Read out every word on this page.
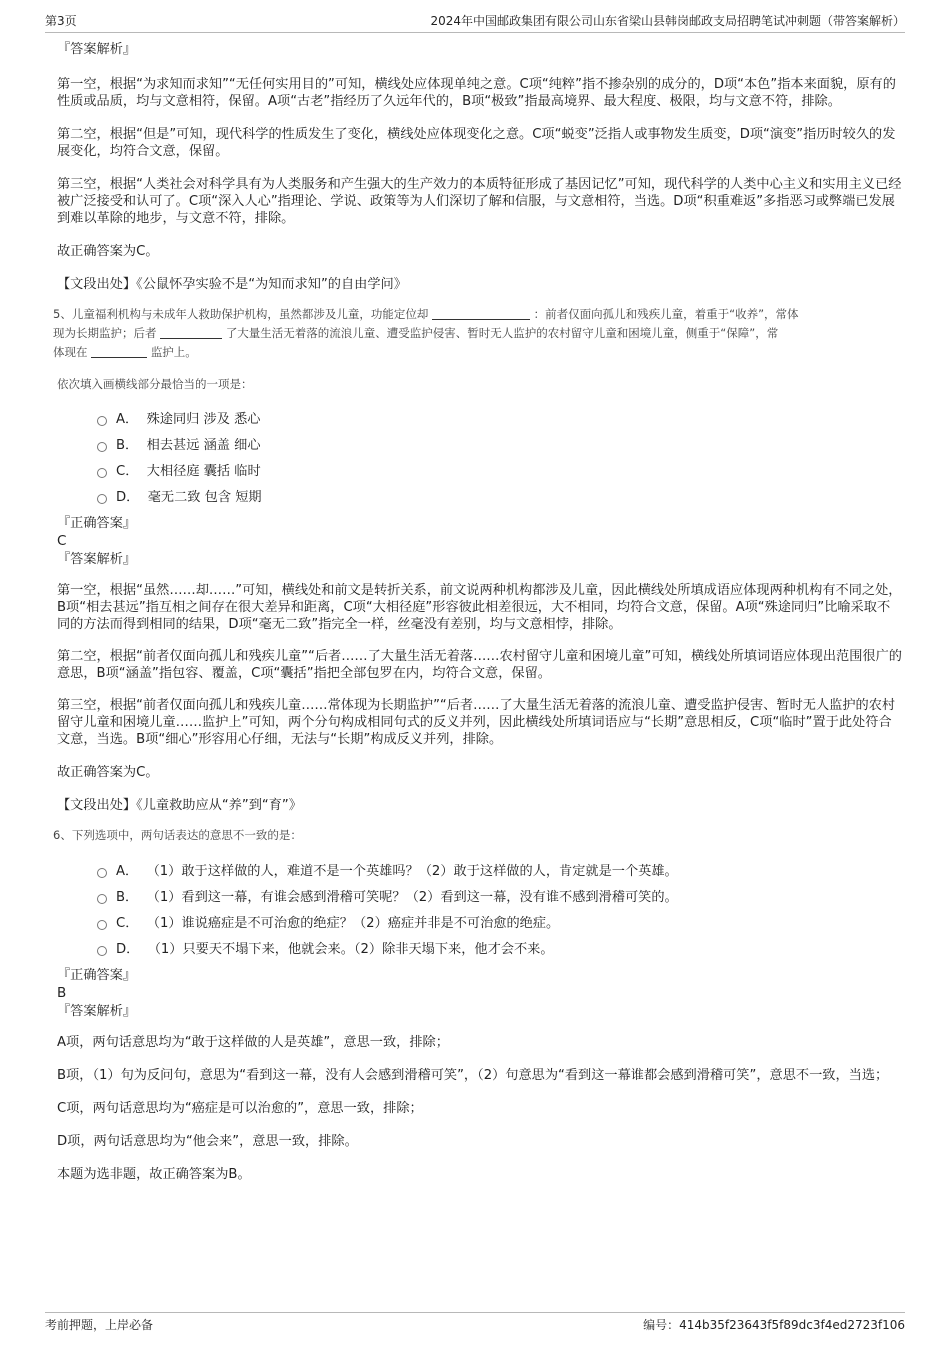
第3页	2024年中国邮政集团有限公司山东省梁山县韩岗邮政支局招聘笔试冲刺题（带答案解析）

『答案解析』

第一空，根据“为求知而求知”“无任何实用目的”可知，横线处应体现单纯之意。C项“纯粹”指不掺杂别的成分的，D项“本色”指本来面貌，原有的性质或品质，均与文意相符，保留。A项“古老”指经历了久远年代的，B项“极致”指最高境界、最大程度、极限，均与文意不符，排除。

第二空，根据“但是”可知，现代科学的性质发生了变化，横线处应体现变化之意。C项“蜕变”泛指人或事物发生质变，D项“演变”指历时较久的发展变化，均符合文意，保留。

第三空，根据“人类社会对科学具有为人类服务和产生强大的生产效力的本质特征形成了基因记忆”可知，现代科学的人类中心主义和实用主义已经被广泛接受和认可了。C项“深入人心”指理论、学说、政策等为人们深切了解和信服，与文意相符，当选。D项“积重难返”多指恶习或弊端已发展到难以革除的地步，与文意不符，排除。

故正确答案为C。

【文段出处】《公鼠怀孕实验不是“为知而求知”的自由学问》

5、儿童福利机构与未成年人救助保护机构，虽然都涉及儿童，功能定位却	：前者仅面向孤儿和残疾儿童，着重于“收养”，常体
现为长期监护；后者	了大量生活无着落的流浪儿童、遭受监护侵害、暂时无人监护的农村留守儿童和困境儿童，侧重于“保障”，常
体现在	监护上。

依次填入画横线部分最恰当的一项是：

A． 殊途同归 涉及 悉心
B． 相去甚远 涵盖 细心
C． 大相径庭 囊括 临时
D． 毫无二致 包含 短期

『正确答案』

C

『答案解析』

第一空，根据“虽然……却……”可知，横线处和前文是转折关系，前文说两种机构都涉及儿童，因此横线处所填成语应体现两种机构有不同之处，B项“相去甚远”指互相之间存在很大差异和距离，C项“大相径庭”形容彼此相差很远，大不相同，均符合文意，保留。A项“殊途同归”比喻采取不同的方法而得到相同的结果，D项“毫无二致”指完全一样，丝毫没有差别，均与文意相悖，排除。

第二空，根据“前者仅面向孤儿和残疾儿童”“后者……了大量生活无着落……农村留守儿童和困境儿童”可知，横线处所填词语应体现出范围很广的意思，B项“涵盖”指包容、覆盖，C项“囊括”指把全部包罗在内，均符合文意，保留。

第三空，根据“前者仅面向孤儿和残疾儿童……常体现为长期监护”“后者……了大量生活无着落的流浪儿童、遭受监护侵害、暂时无人监护的农村留守儿童和困境儿童……监护上”可知，两个分句构成相同句式的反义并列，因此横线处所填词语应与“长期”意思相反，C项“临时”置于此处符合文意，当选。B项“细心”形容用心仔细，无法与“长期”构成反义并列，排除。

故正确答案为C。

【文段出处】《儿童救助应从“养”到“育”》

6、下列选项中，两句话表达的意思不一致的是：

A． （1）敢于这样做的人，难道不是一个英雄吗？（2）敢于这样做的人，肯定就是一个英雄。
B． （1）看到这一幕，有谁会感到滑稽可笑呢？（2）看到这一幕，没有谁不感到滑稽可笑的。
C． （1）谁说癌症是不可治愈的绝症？（2）癌症并非是不可治愈的绝症。
D． （1）只要天不塌下来，他就会来。（2）除非天塌下来，他才会不来。

『正确答案』

B

『答案解析』

A项，两句话意思均为“敢于这样做的人是英雄”，意思一致，排除；

B项，（1）句为反问句，意思为“看到这一幕，没有人会感到滑稽可笑”，（2）句意思为“看到这一幕谁都会感到滑稽可笑”，意思不一致，当选；

C项，两句话意思均为“癌症是可以治愈的”，意思一致，排除；

D项，两句话意思均为“他会来”，意思一致，排除。

本题为选非题，故正确答案为B。

考前押题，上岸必备	编号：414b35f23643f5f89dc3f4ed2723f106
